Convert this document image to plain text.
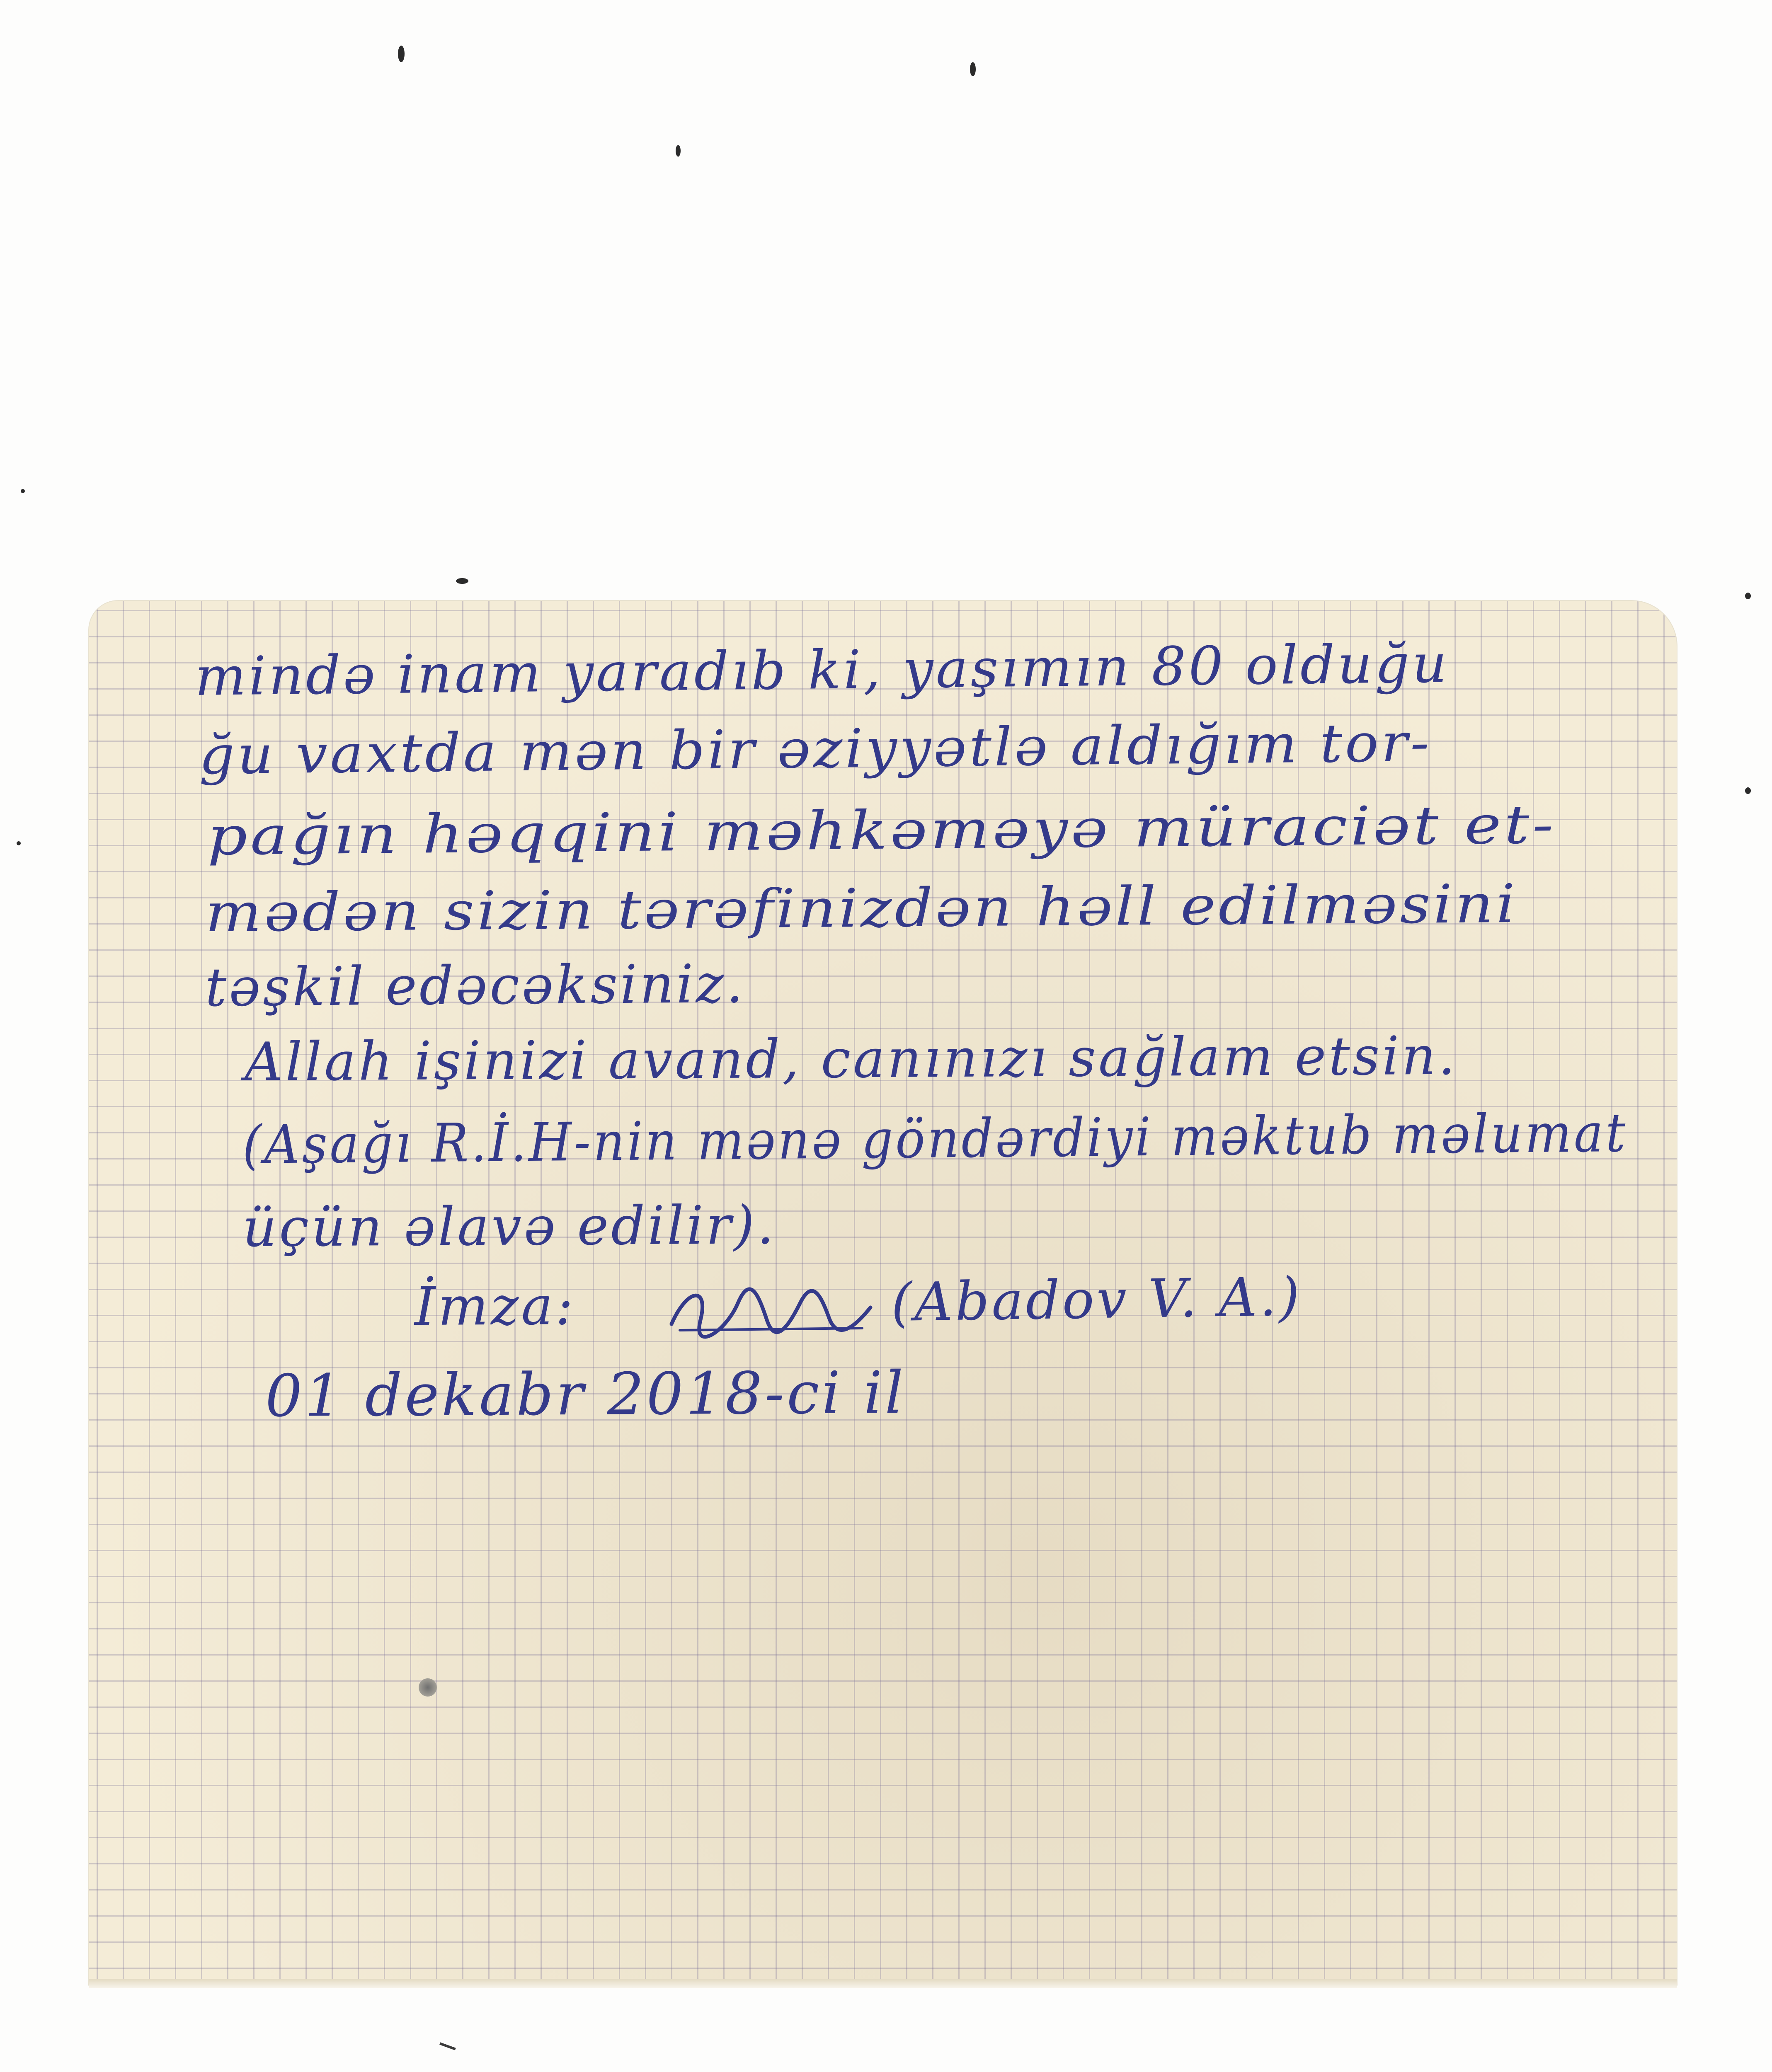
mində inam yaradıb ki, yaşımın 80 olduğu

ğu vaxtda mən bir əziyyətlə aldığım tor-

pağın həqqini məhkəməyə müraciət et-

mədən sizin tərəfinizdən həll edilməsini

təşkil edəcəksiniz.

Allah işinizi avand, canınızı sağlam etsin.

(Aşağı R.İ.H-nin mənə göndərdiyi məktub məlumat

üçün əlavə edilir).

İmza:	(Abadov V. A.)

01 dekabr 2018-ci il
